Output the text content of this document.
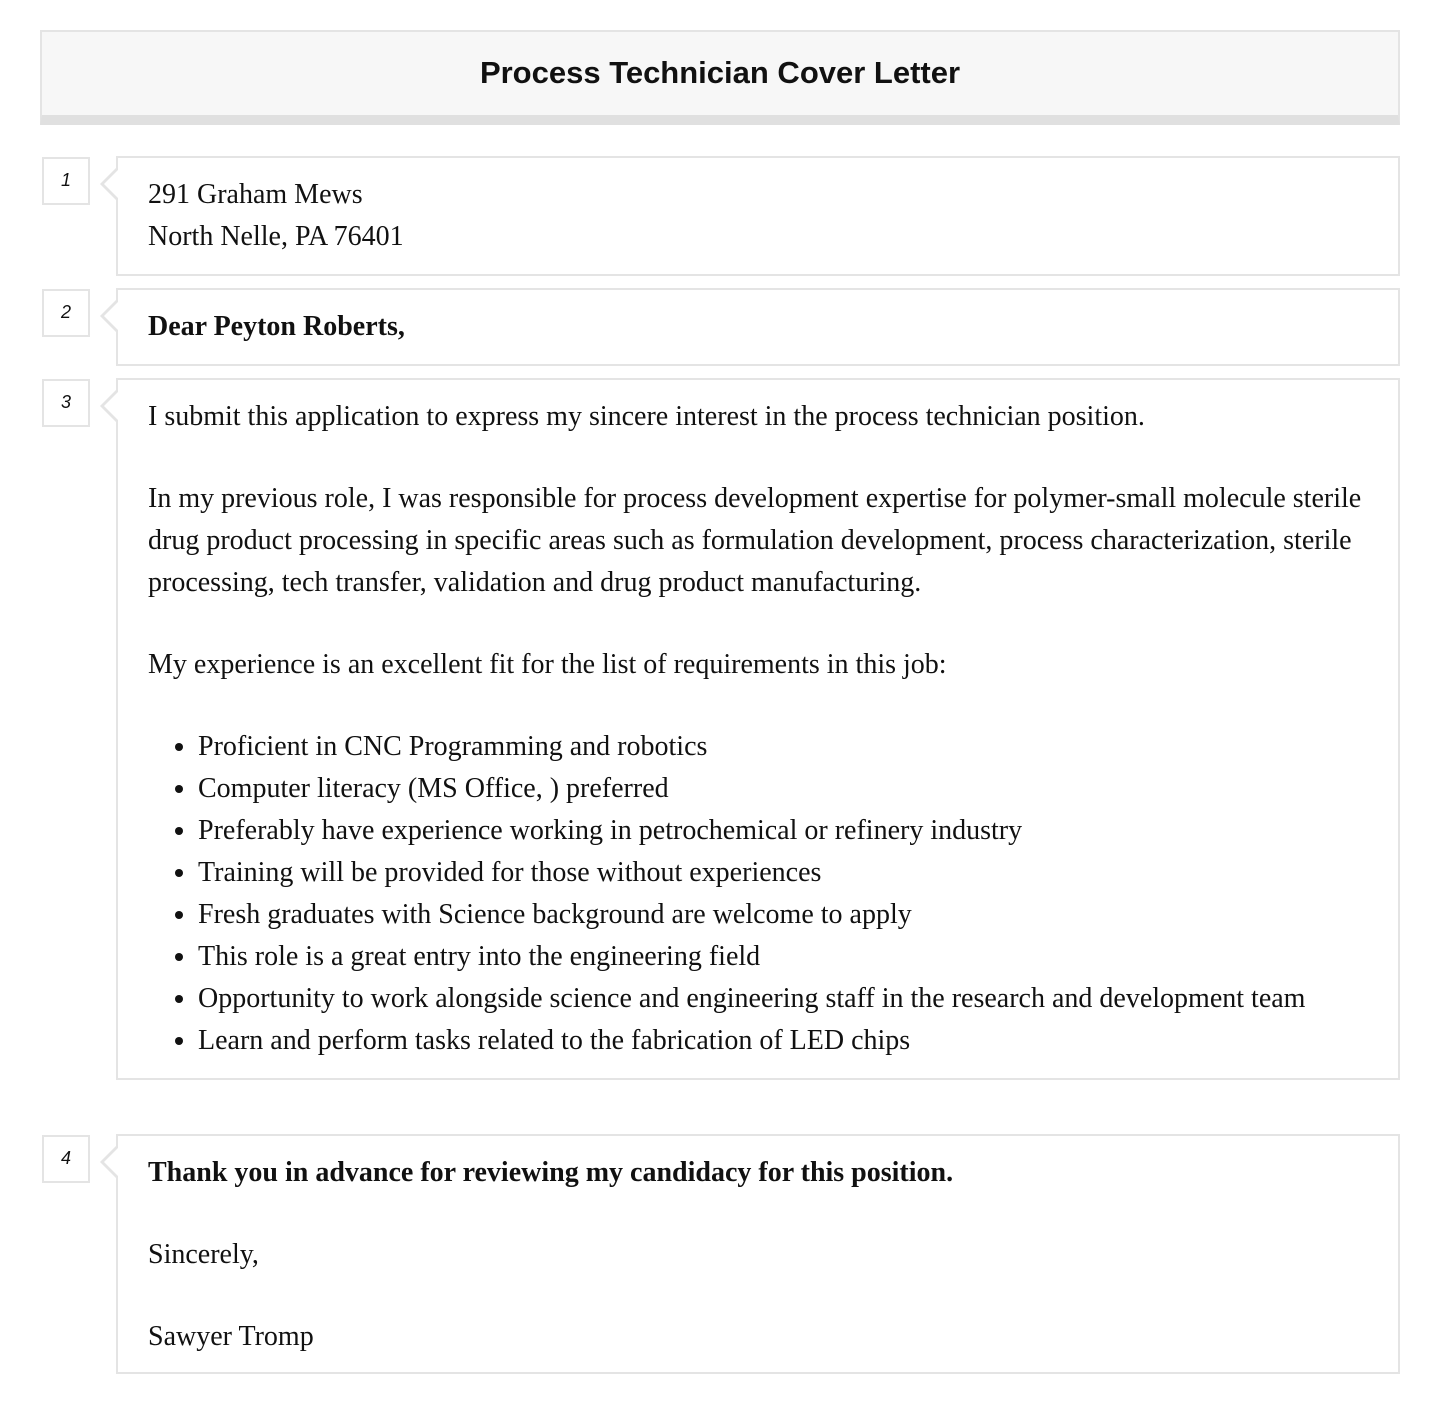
Process Technician Cover Letter
1	291 Graham Mews

North Nelle, PA 76401

2	Dear Peyton Roberts,

3	I submit this application to express my sincere interest in the process technician position.

In my previous role, I was responsible for process development expertise for polymer-small molecule sterile drug product processing in specific areas such as formulation development, process characterization, sterile processing, tech transfer, validation and drug product manufacturing.

My experience is an excellent fit for the list of requirements in this job:

• Proficient in CNC Programming and robotics
• Computer literacy (MS Office, ) preferred
• Preferably have experience working in petrochemical or refinery industry
• Training will be provided for those without experiences
• Fresh graduates with Science background are welcome to apply
• This role is a great entry into the engineering field
• Opportunity to work alongside science and engineering staff in the research and development team
• Learn and perform tasks related to the fabrication of LED chips
4	Thank you in advance for reviewing my candidacy for this position.

Sincerely,

Sawyer Tromp
